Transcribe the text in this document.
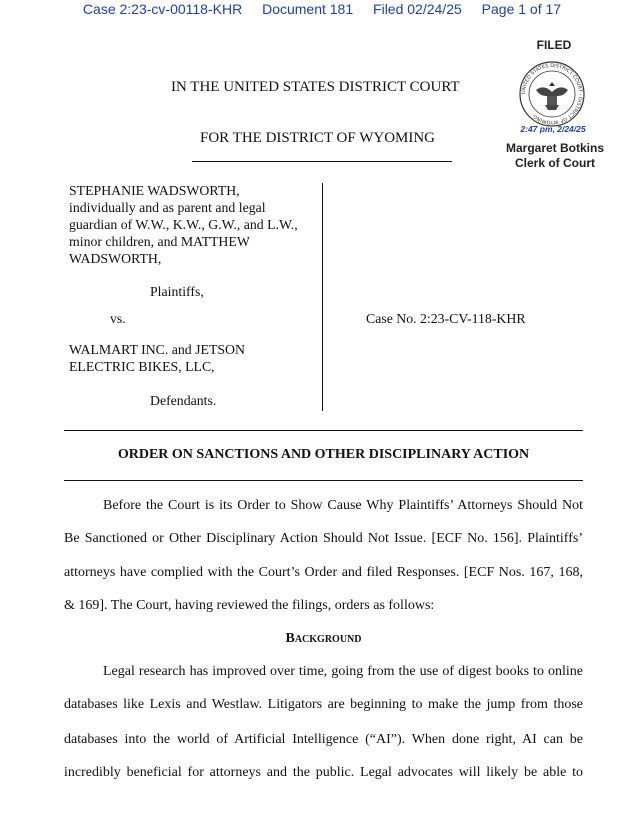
Case 2:23-cv-00118-KHR Document 181 Filed 02/24/25 Page 1 of 17
FILED
UNITED STATES DISTRICT COURT · DISTRICT OF WYOMING
2:47 pm, 2/24/25
Margaret Botkins
Clerk of Court
IN THE UNITED STATES DISTRICT COURT
FOR THE DISTRICT OF WYOMING
STEPHANIE WADSWORTH,
individually and as parent and legal
guardian of W.W., K.W., G.W., and L.W.,
minor children, and MATTHEW
WADSWORTH,
Plaintiffs,
vs.
WALMART INC. and JETSON
ELECTRIC BIKES, LLC,
Defendants.
Case No. 2:23-CV-118-KHR
ORDER ON SANCTIONS AND OTHER DISCIPLINARY ACTION
Before the Court is its Order to Show Cause Why Plaintiffs’ Attorneys Should Not
Be Sanctioned or Other Disciplinary Action Should Not Issue. [ECF No. 156]. Plaintiffs’
attorneys have complied with the Court’s Order and filed Responses. [ECF Nos. 167, 168,
& 169]. The Court, having reviewed the filings, orders as follows:
Background
Legal research has improved over time, going from the use of digest books to online
databases like Lexis and Westlaw. Litigators are beginning to make the jump from those
databases into the world of Artificial Intelligence (“AI”). When done right, AI can be
incredibly beneficial for attorneys and the public. Legal advocates will likely be able to
